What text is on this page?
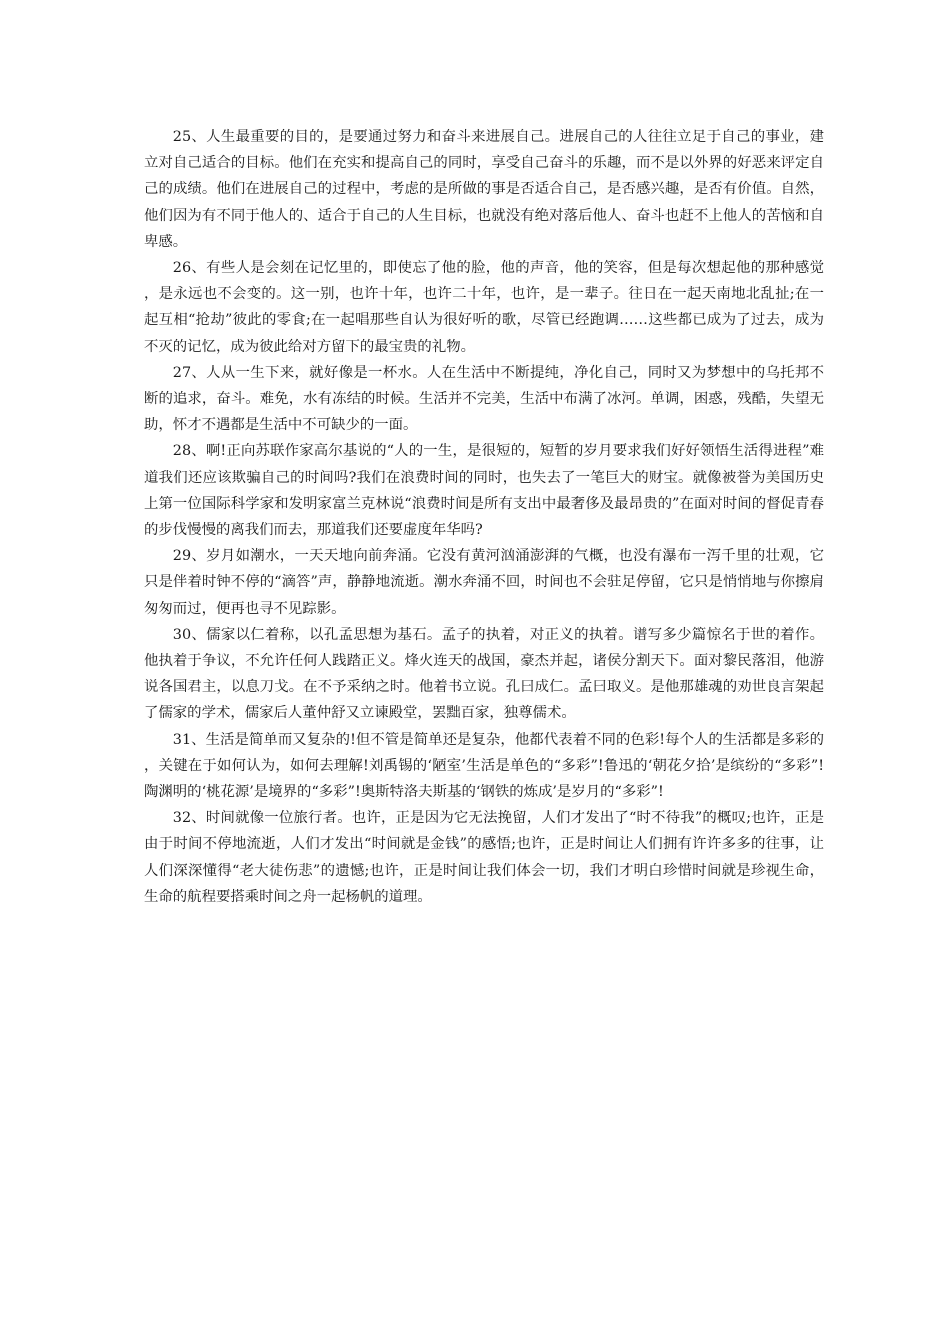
25、人生最重要的目的，是要通过努力和奋斗来进展自己。进展自己的人往往立足于自己的事业，建立对自己适合的目标。他们在充实和提高自己的同时，享受自己奋斗的乐趣，而不是以外界的好恶来评定自己的成绩。他们在进展自己的过程中，考虑的是所做的事是否适合自己，是否感兴趣，是否有价值。自然，他们因为有不同于他人的、适合于自己的人生目标，也就没有绝对落后他人、奋斗也赶不上他人的苦恼和自卑感。

26、有些人是会刻在记忆里的，即使忘了他的脸，他的声音，他的笑容，但是每次想起他的那种感觉，是永远也不会变的。这一别，也许十年，也许二十年，也许，是一辈子。往日在一起天南地北乱扯;在一起互相“抢劫”彼此的零食;在一起唱那些自认为很好听的歌，尽管已经跑调……这些都已成为了过去，成为不灭的记忆，成为彼此给对方留下的最宝贵的礼物。

27、人从一生下来，就好像是一杯水。人在生活中不断提纯，净化自己，同时又为梦想中的乌托邦不断的追求，奋斗。难免，水有冻结的时候。生活并不完美，生活中布满了冰河。单调，困惑，残酷，失望无助，怀才不遇都是生活中不可缺少的一面。

28、啊!正向苏联作家高尔基说的“人的一生，是很短的，短暂的岁月要求我们好好领悟生活得进程”难道我们还应该欺骗自己的时间吗?我们在浪费时间的同时，也失去了一笔巨大的财宝。就像被誉为美国历史上第一位国际科学家和发明家富兰克林说“浪费时间是所有支出中最奢侈及最昂贵的”在面对时间的督促青春的步伐慢慢的离我们而去，那道我们还要虚度年华吗?

29、岁月如潮水，一天天地向前奔涌。它没有黄河汹涌澎湃的气概，也没有瀑布一泻千里的壮观，它只是伴着时钟不停的“滴答”声，静静地流逝。潮水奔涌不回，时间也不会驻足停留，它只是悄悄地与你擦肩匆匆而过，便再也寻不见踪影。

30、儒家以仁着称，以孔孟思想为基石。孟子的执着，对正义的执着。谱写多少篇惊名于世的着作。他执着于争议，不允许任何人践踏正义。烽火连天的战国，豪杰并起，诸侯分割天下。面对黎民落泪，他游说各国君主，以息刀戈。在不予采纳之时。他着书立说。孔曰成仁。孟曰取义。是他那雄魂的劝世良言架起了儒家的学术，儒家后人董仲舒又立谏殿堂，罢黜百家，独尊儒术。

31、生活是简单而又复杂的!但不管是简单还是复杂，他都代表着不同的色彩!每个人的生活都是多彩的，关键在于如何认为，如何去理解!刘禹锡的‘陋室’生活是单色的“多彩”!鲁迅的‘朝花夕拾’是缤纷的“多彩”!陶渊明的‘桃花源’是境界的“多彩”!奥斯特洛夫斯基的‘钢铁的炼成’是岁月的“多彩”!

32、时间就像一位旅行者。也许，正是因为它无法挽留，人们才发出了“时不待我”的概叹;也许，正是由于时间不停地流逝，人们才发出“时间就是金钱”的感悟;也许，正是时间让人们拥有许许多多的往事，让人们深深懂得“老大徒伤悲”的遗憾;也许，正是时间让我们体会一切，我们才明白珍惜时间就是珍视生命，生命的航程要搭乘时间之舟一起杨帆的道理。
